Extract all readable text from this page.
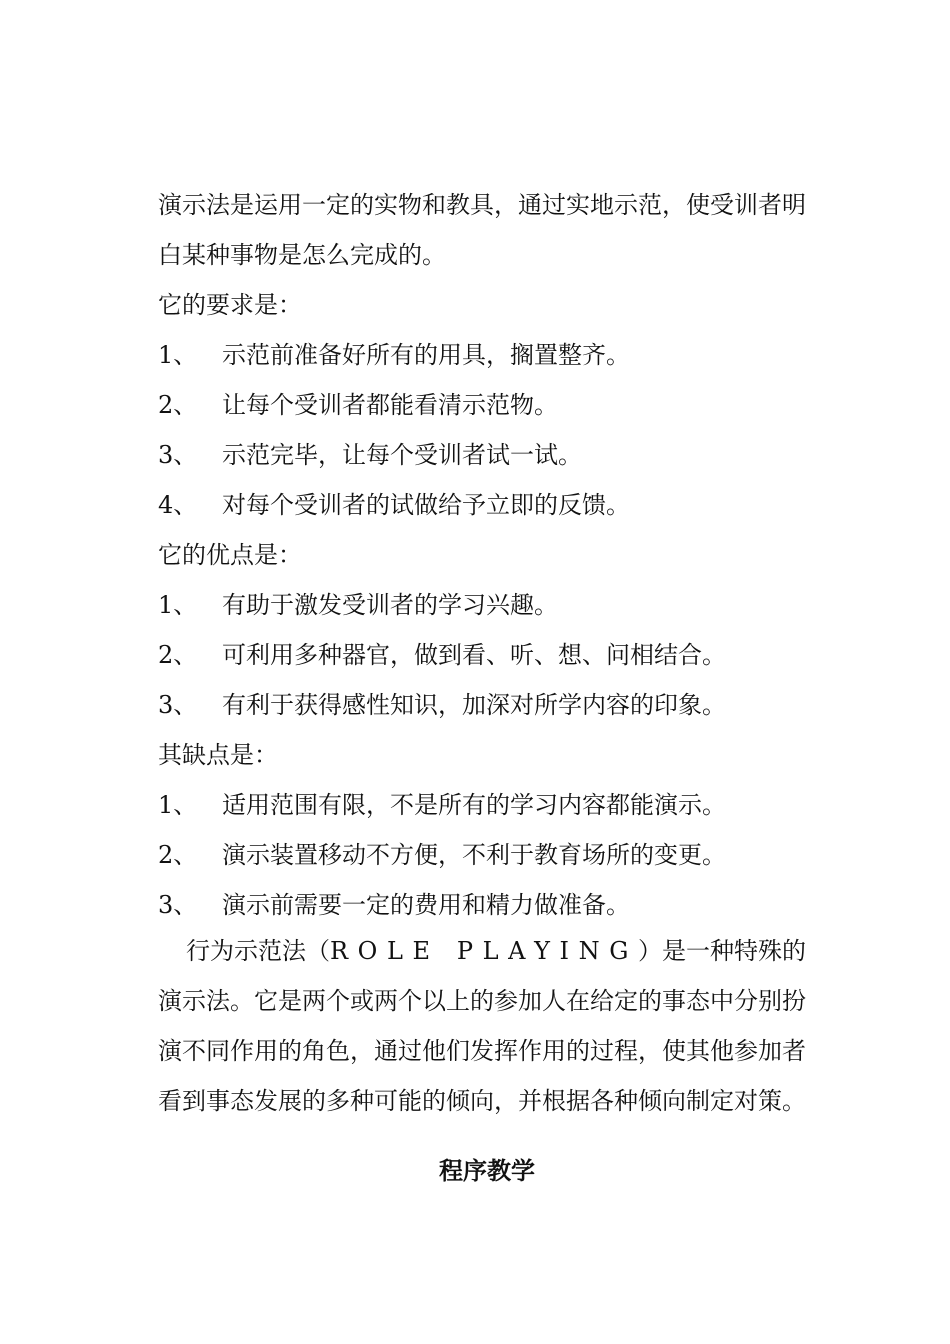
演示法是运用一定的实物和教具，通过实地示范，使受训者明白某种事物是怎么完成的。

它的要求是：
1、 示范前准备好所有的用具，搁置整齐。
2、 让每个受训者都能看清示范物。
3、 示范完毕，让每个受训者试一试。
4、 对每个受训者的试做给予立即的反馈。
它的优点是：
1、 有助于激发受训者的学习兴趣。
2、 可利用多种器官，做到看、听、想、问相结合。
3、 有利于获得感性知识，加深对所学内容的印象。
其缺点是：
1、 适用范围有限，不是所有的学习内容都能演示。
2、 演示装置移动不方便，不利于教育场所的变更。
3、 演示前需要一定的费用和精力做准备。

行为示范法（ROLE PLAYING）是一种特殊的演示法。它是两个或两个以上的参加人在给定的事态中分别扮演不同作用的角色，通过他们发挥作用的过程，使其他参加者看到事态发展的多种可能的倾向，并根据各种倾向制定对策。

程序教学
